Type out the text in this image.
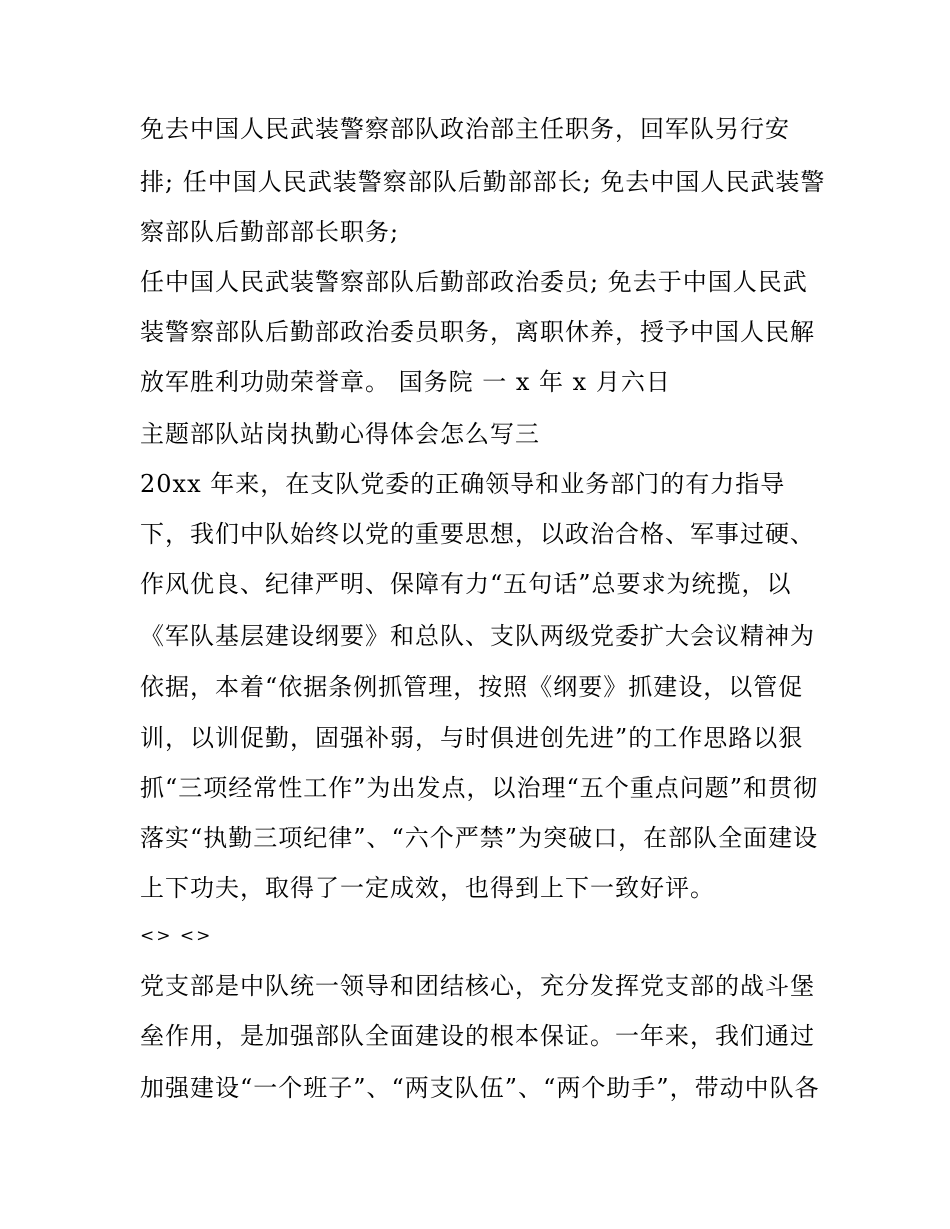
免去中国人民武装警察部队政治部主任职务，回军队另行安
排; 任中国人民武装警察部队后勤部部长; 免去中国人民武装警
察部队后勤部部长职务;
任中国人民武装警察部队后勤部政治委员; 免去于中国人民武
装警察部队后勤部政治委员职务，离职休养，授予中国人民解
放军胜利功勋荣誉章。 国务院 一 x 年 x 月六日
主题部队站岗执勤心得体会怎么写三
20xx 年来，在支队党委的正确领导和业务部门的有力指导
下，我们中队始终以党的重要思想，以政治合格、军事过硬、
作风优良、纪律严明、保障有力“五句话”总要求为统揽，以
《军队基层建设纲要》和总队、支队两级党委扩大会议精神为
依据，本着“依据条例抓管理，按照《纲要》抓建设，以管促
训，以训促勤，固强补弱，与时俱进创先进”的工作思路以狠
抓“三项经常性工作”为出发点，以治理“五个重点问题”和贯彻
落实“执勤三项纪律”、“六个严禁”为突破口，在部队全面建设
上下功夫，取得了一定成效，也得到上下一致好评。
<> <>
党支部是中队统一领导和团结核心，充分发挥党支部的战斗堡
垒作用，是加强部队全面建设的根本保证。一年来，我们通过
加强建设“一个班子”、“两支队伍”、“两个助手”，带动中队各
